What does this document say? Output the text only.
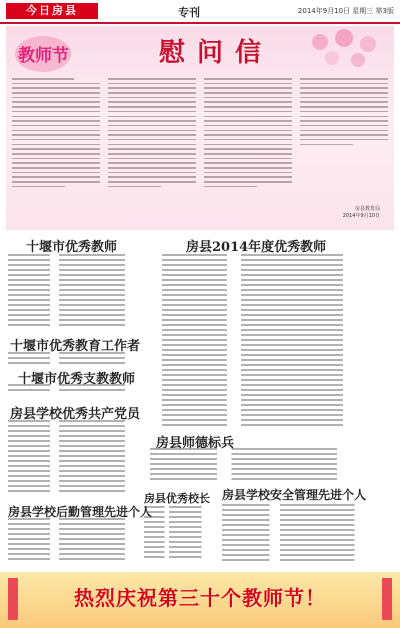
今日房县	专刊	2014年9月10日 星期三 第3版
教师节	慰问信
房县教育局
2014年9月10日
十堰市优秀教师	房县2014年度优秀教师
十堰市优秀教育工作者
十堰市优秀支教教师
房县学校优秀共产党员
房县师德标兵
房县学校后勤管理先进个人
房县优秀校长 房县学校安全管理先进个人
热烈庆祝第三十个教师节！
